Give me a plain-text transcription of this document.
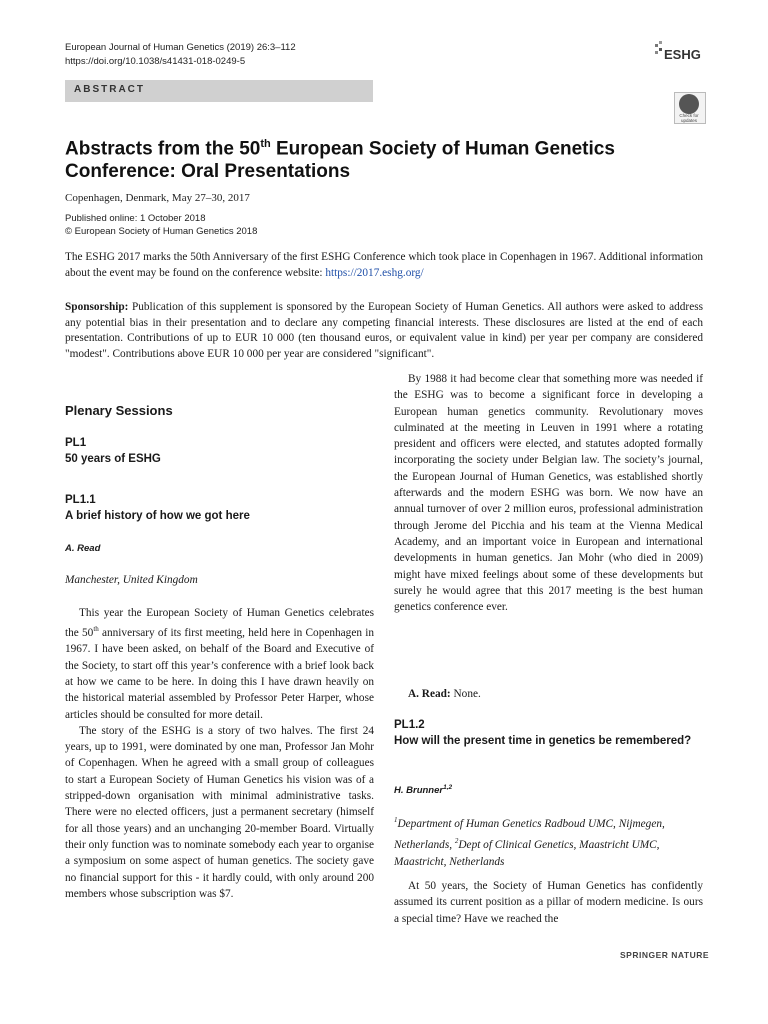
European Journal of Human Genetics (2019) 26:3–112
https://doi.org/10.1038/s41431-018-0249-5	ESHG
ABSTRACT
Check for updates
Abstracts from the 50th European Society of Human Genetics
Conference: Oral Presentations
Copenhagen, Denmark, May 27–30, 2017
Published online: 1 October 2018
© European Society of Human Genetics 2018
The ESHG 2017 marks the 50th Anniversary of the first ESHG Conference which took place in Copenhagen in 1967. Additional information about the event may be found on the conference website: https://2017.eshg.org/
Sponsorship: Publication of this supplement is sponsored by the European Society of Human Genetics. All authors were asked to address any potential bias in their presentation and to declare any competing financial interests. These disclosures are listed at the end of each presentation. Contributions of up to EUR 10 000 (ten thousand euros, or equivalent value in kind) per year per company are considered "modest". Contributions above EUR 10 000 per year are considered "significant".
Plenary Sessions
PL1
50 years of ESHG
PL1.1
A brief history of how we got here
A. Read
Manchester, United Kingdom

This year the European Society of Human Genetics celebrates the 50th anniversary of its first meeting, held here in Copenhagen in 1967. I have been asked, on behalf of the Board and Executive of the Society, to start off this year’s conference with a brief look back at how we came to be here. In doing this I have drawn heavily on the historical material assembled by Professor Peter Harper, whose articles should be consulted for more detail.

The story of the ESHG is a story of two halves. The first 24 years, up to 1991, were dominated by one man, Professor Jan Mohr of Copenhagen. When he agreed with a small group of colleagues to start a European Society of Human Genetics his vision was of a stripped-down organisation with minimal administrative tasks. There were no elected officers, just a permanent secretary (himself for all those years) and an unchanging 20-member Board. Virtually their only function was to nominate somebody each year to organise a symposium on some aspect of human genetics. The society gave no financial support for this - it hardly could, with only around 200 members whose subscription was $7.

By 1988 it had become clear that something more was needed if the ESHG was to become a significant force in developing a European human genetics community. Revolutionary moves culminated at the meeting in Leuven in 1991 where a rotating president and officers were elected, and statutes adopted formally incorporating the society under Belgian law. The society’s journal, the European Journal of Human Genetics, was established shortly afterwards and the modern ESHG was born. We now have an annual turnover of over 2 million euros, professional administration through Jerome del Picchia and his team at the Vienna Medical Academy, and an important voice in European and international developments in human genetics. Jan Mohr (who died in 2009) might have mixed feelings about some of these developments but surely he would agree that this 2017 meeting is the best human genetics conference ever.

A. Read: None.

PL1.2
How will the present time in genetics be remembered?
H. Brunner$^{1,2}$
$^1$Department of Human Genetics Radboud UMC, Nijmegen, Netherlands, $^2$Dept of Clinical Genetics, Maastricht UMC, Maastricht, Netherlands

At 50 years, the Society of Human Genetics has confidently assumed its current position as a pillar of modern medicine. Is ours a special time? Have we reached the

SPRINGER NATURE
